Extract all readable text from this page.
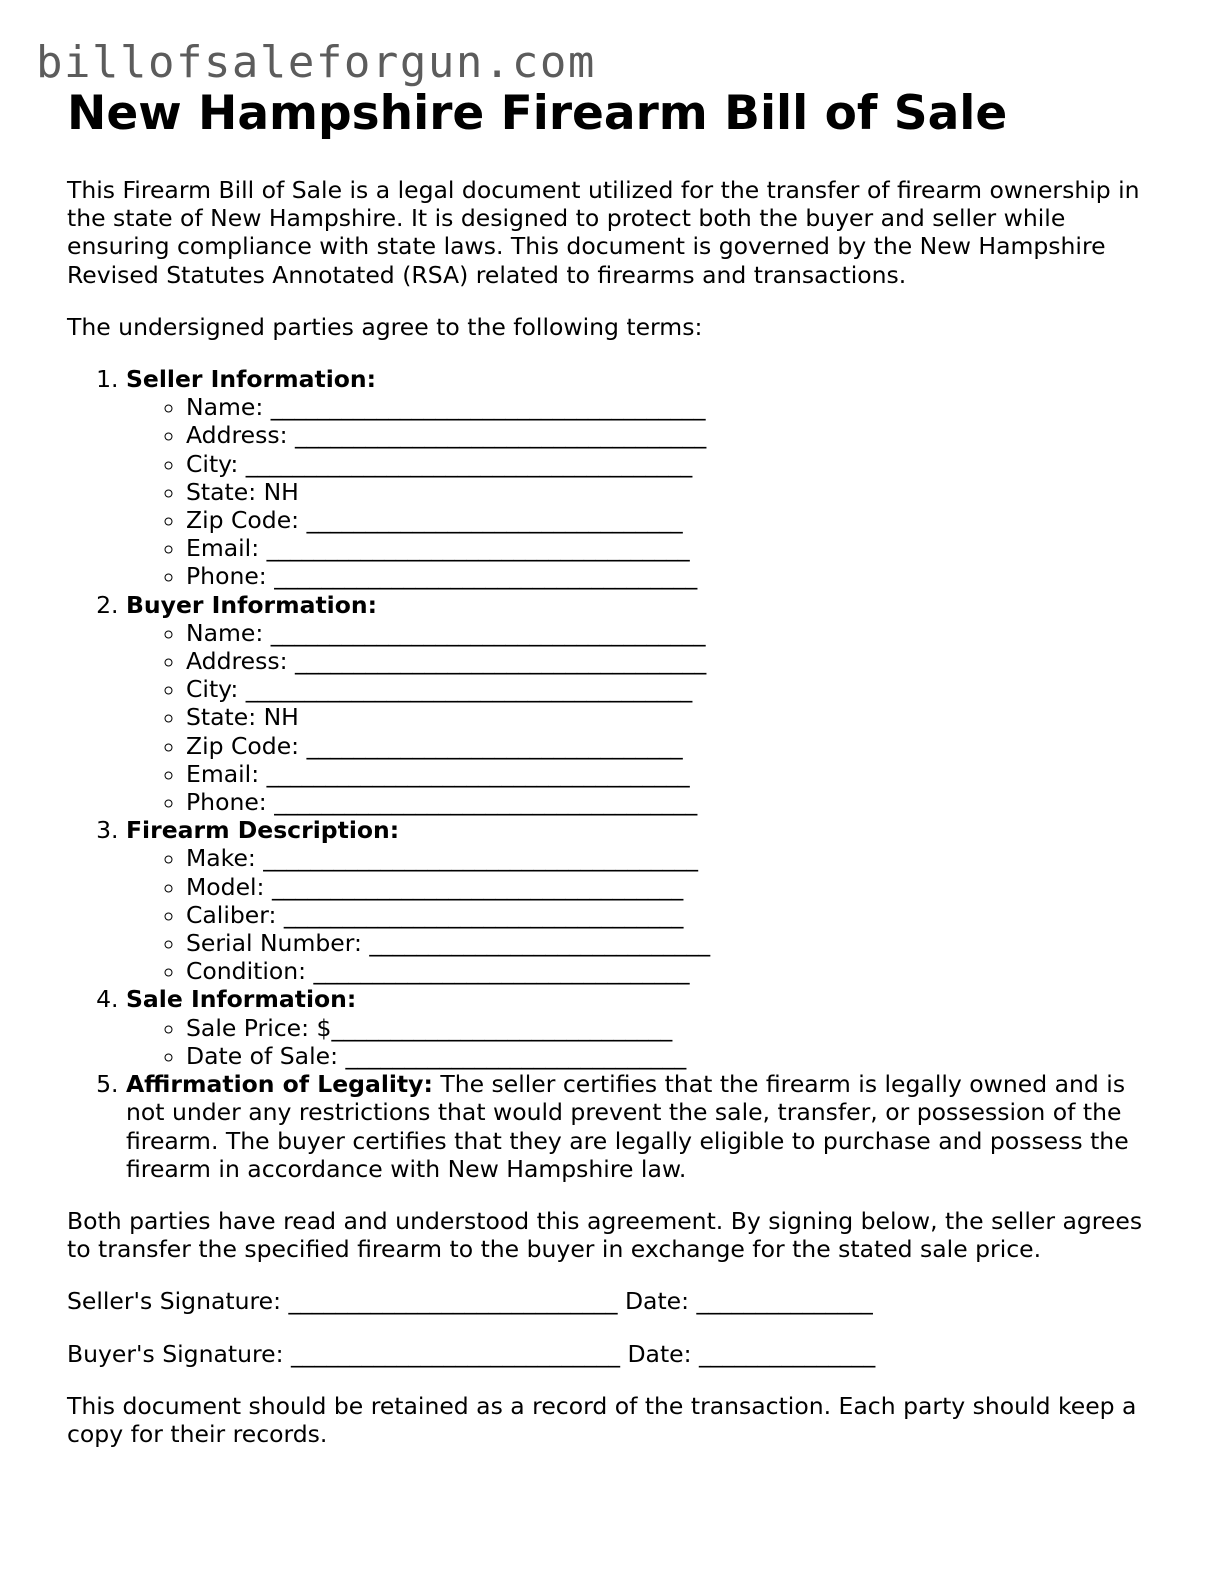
billofsaleforgun.com
New Hampshire Firearm Bill of Sale

This Firearm Bill of Sale is a legal document utilized for the transfer of firearm ownership in the state of New Hampshire. It is designed to protect both the buyer and seller while ensuring compliance with state laws. This document is governed by the New Hampshire Revised Statutes Annotated (RSA) related to firearms and transactions.

The undersigned parties agree to the following terms:

1. Seller Information:
◦ Name: _____________________________________
◦ Address: ___________________________________
◦ City: ______________________________________
◦ State: NH
◦ Zip Code: ________________________________
◦ Email: ____________________________________
◦ Phone: ____________________________________
2. Buyer Information:
◦ Name: _____________________________________
◦ Address: ___________________________________
◦ City: ______________________________________
◦ State: NH
◦ Zip Code: ________________________________
◦ Email: ____________________________________
◦ Phone: ____________________________________
3. Firearm Description:
◦ Make: _____________________________________
◦ Model: ___________________________________
◦ Caliber: __________________________________
◦ Serial Number: _____________________________
◦ Condition: ________________________________
4. Sale Information:
◦ Sale Price: $_____________________________
◦ Date of Sale: _____________________________
5. Affirmation of Legality: The seller certifies that the firearm is legally owned and is not under any restrictions that would prevent the sale, transfer, or possession of the firearm. The buyer certifies that they are legally eligible to purchase and possess the firearm in accordance with New Hampshire law.

Both parties have read and understood this agreement. By signing below, the seller agrees to transfer the specified firearm to the buyer in exchange for the stated sale price.

Seller's Signature: ____________________________ Date: _______________

Buyer's Signature: ____________________________ Date: _______________

This document should be retained as a record of the transaction. Each party should keep a copy for their records.
